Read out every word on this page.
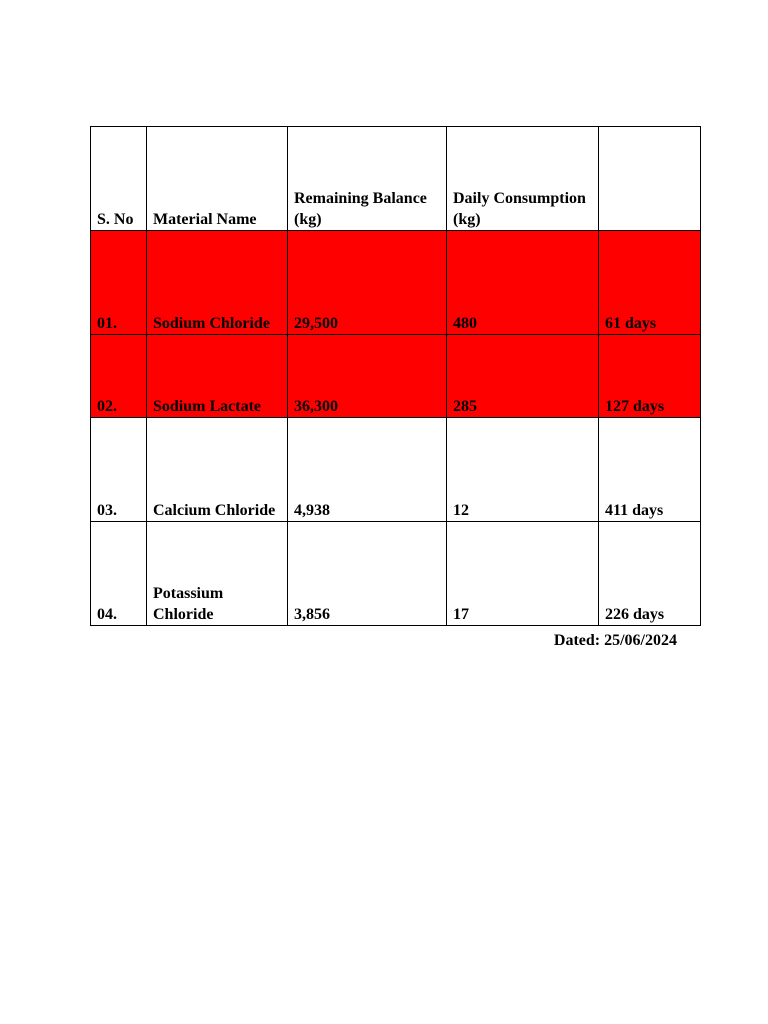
S. No	Material Name	Remaining Balance (kg)	Daily Consumption (kg)	
01.	Sodium Chloride	29,500	480	61 days
02.	Sodium Lactate	36,300	285	127 days
03.	Calcium Chloride	4,938	12	411 days
04.	Potassium Chloride	3,856	17	226 days
Dated: 25/06/2024
